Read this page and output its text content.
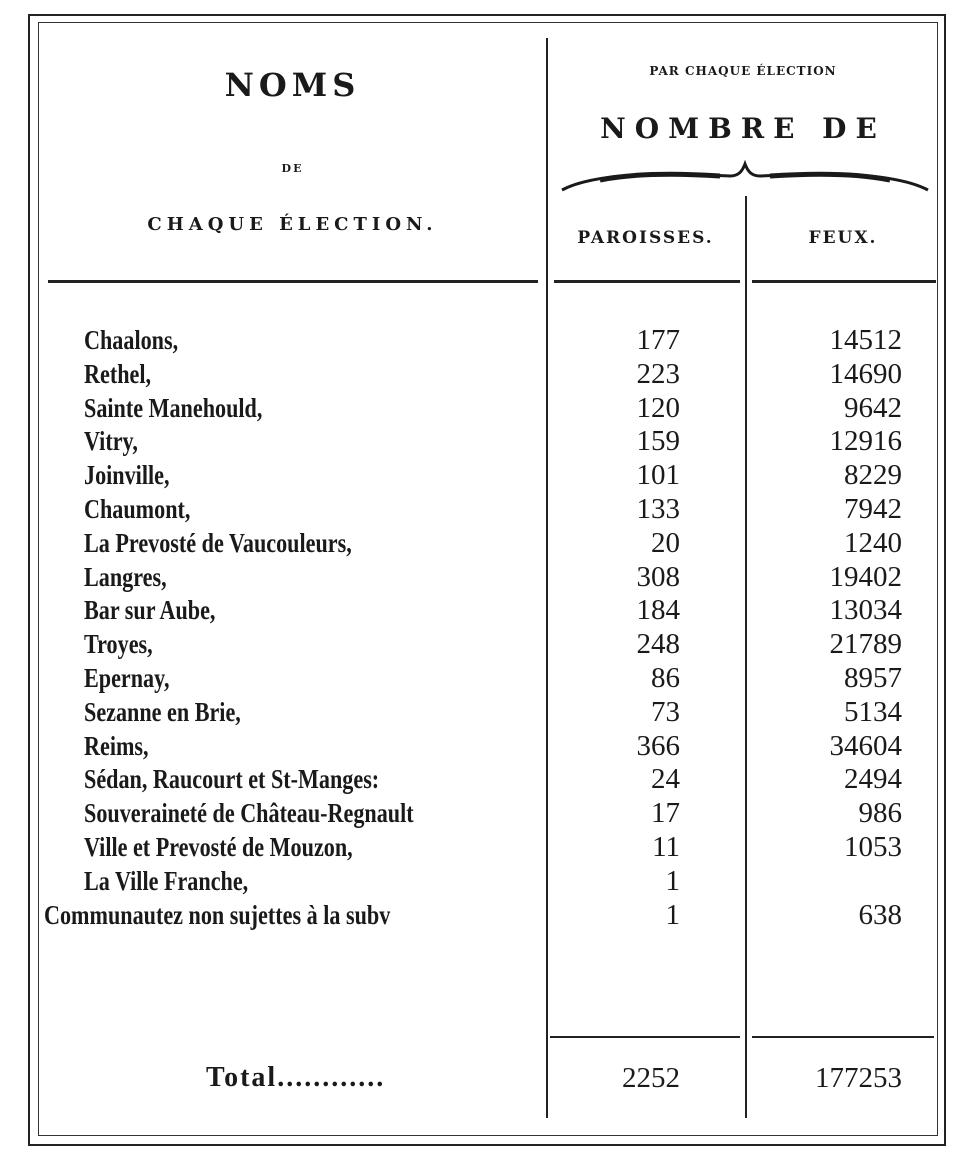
NOMS
DE
CHAQUE ÉLECTION.
PAR CHAQUE ÉLECTION
NOMBRE DE
PAROISSES.	FEUX.
Chaalons,	177	14512
Rethel,	223	14690
Sainte Manehould,	120	9642
Vitry,	159	12916
Joinville,	101	8229
Chaumont,	133	7942
La Prevosté de Vaucouleurs,	20	1240
Langres,	308	19402
Bar sur Aube,	184	13034
Troyes,	248	21789
Epernay,	86	8957
Sezanne en Brie,	73	5134
Reims,	366	34604
Sédan, Raucourt et St-Manges:	24	2494
Souveraineté de Château-Regnault	17	986
Ville et Prevosté de Mouzon,	11	1053
La Ville Franche,	1
Communautez non sujettes à la subv	1	638
Total............	2252	177253
